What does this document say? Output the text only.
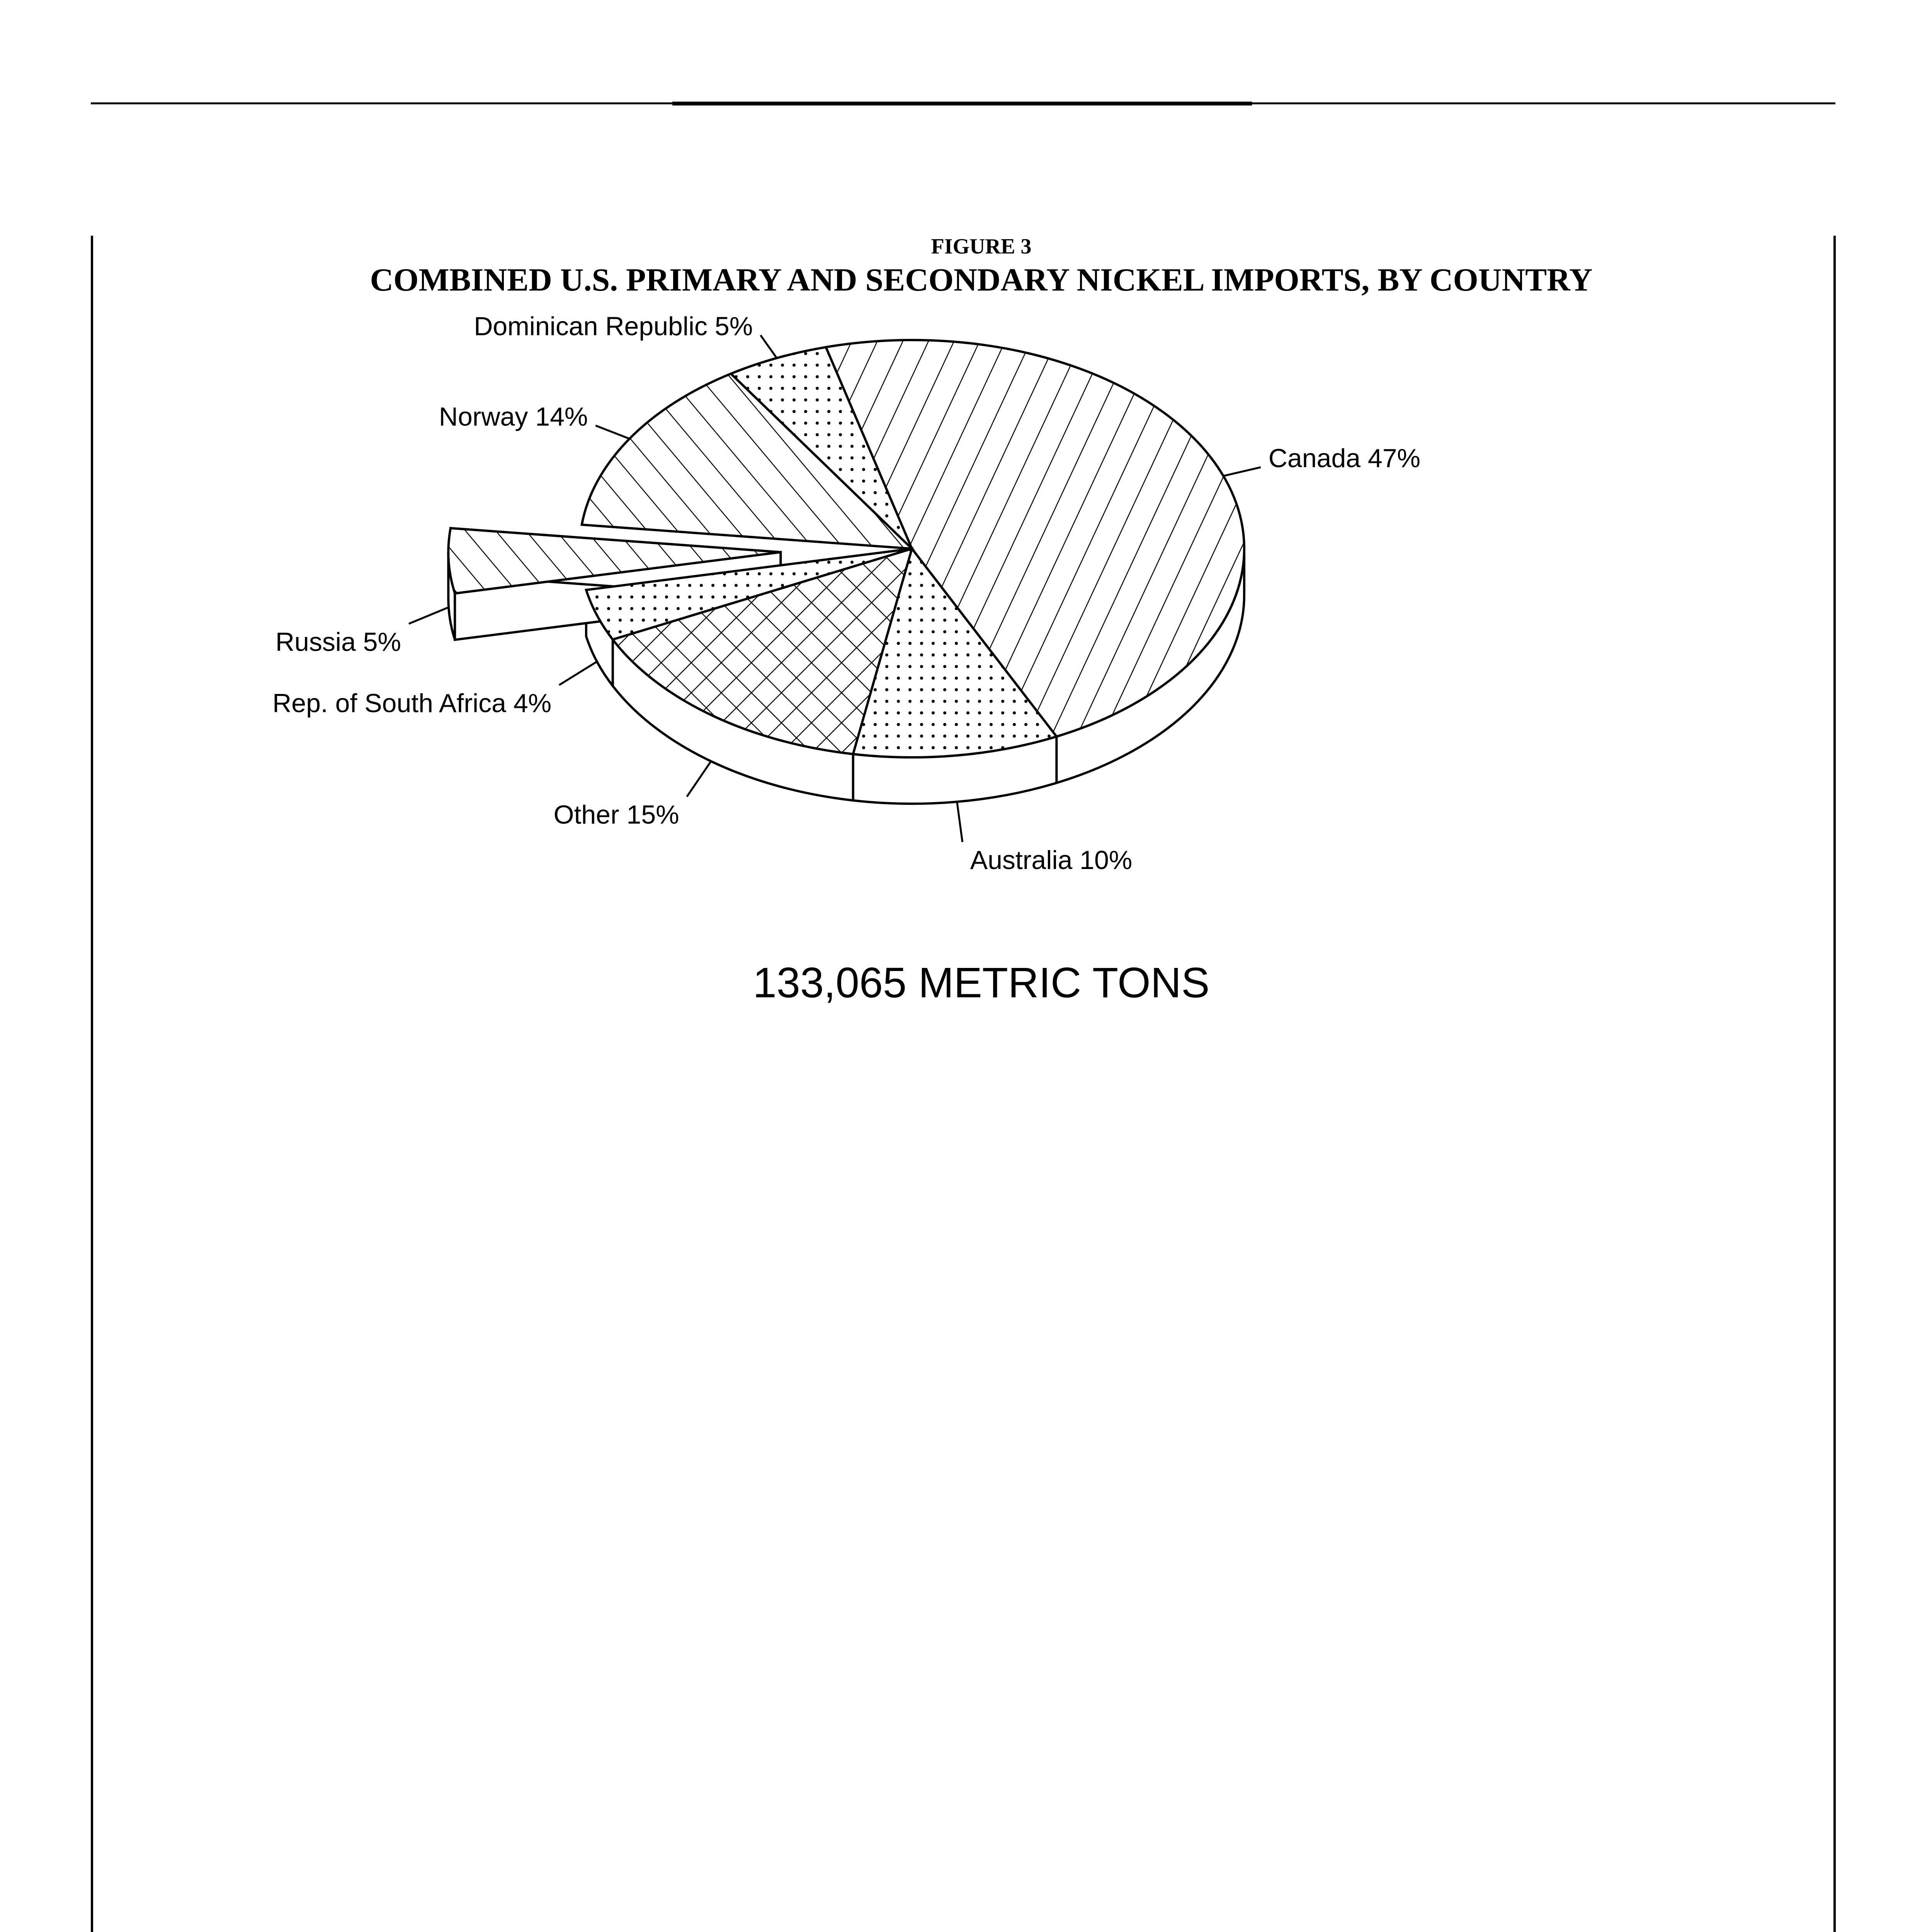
FIGURE 3
COMBINED U.S. PRIMARY AND SECONDARY NICKEL IMPORTS, BY COUNTRY
Canada 47%
Australia 10%
Other 15%
Rep. of South Africa 4%
Russia 5%
Norway 14%
Dominican Republic 5%
133,065 METRIC TONS
